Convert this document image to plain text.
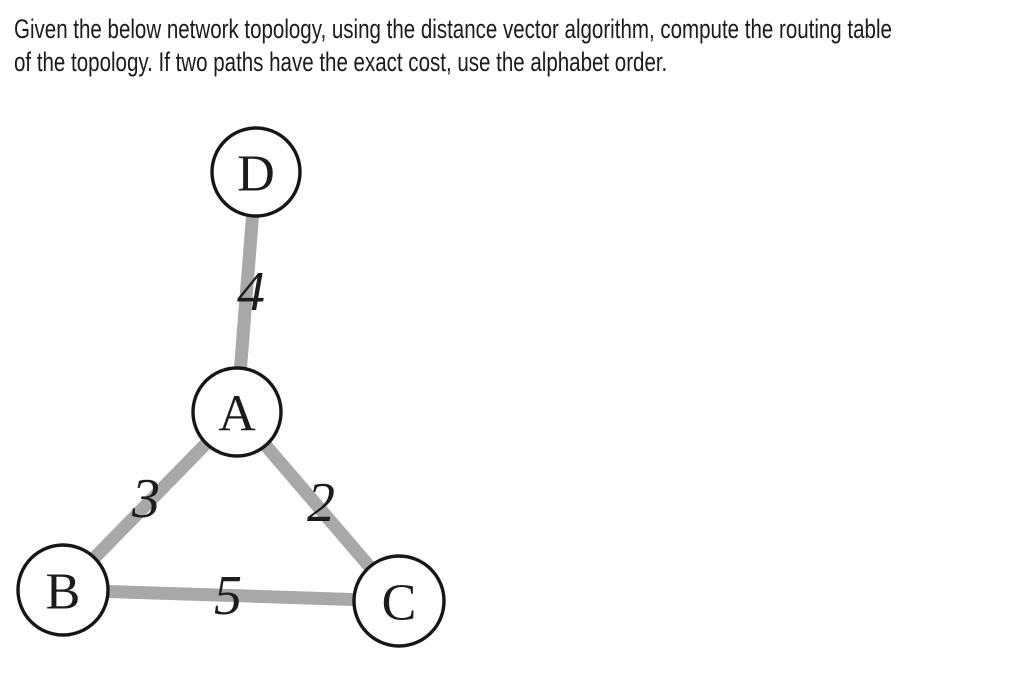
Given the below network topology, using the distance vector algorithm, compute the routing table
of the topology. If two paths have the exact cost, use the alphabet order.
4
3	2
5
D
A
B	C
